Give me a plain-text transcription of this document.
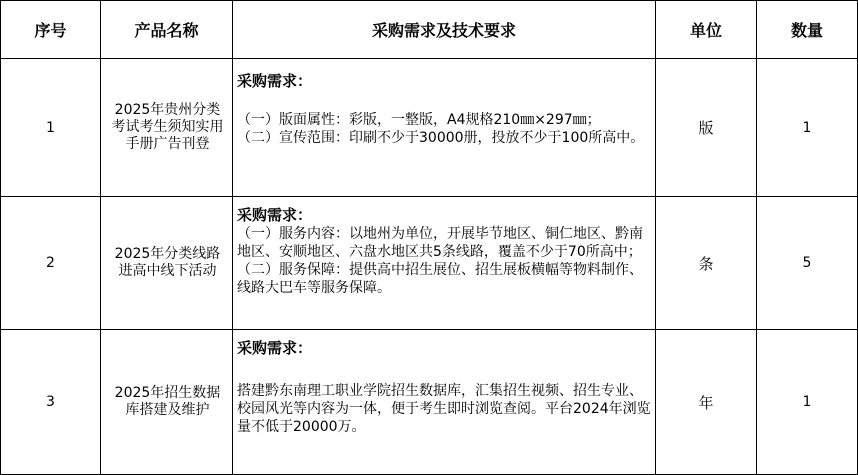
序号	产品名称	采购需求及技术要求	单位	数量
1	2025年贵州分类考试考生须知实用手册广告刊登	采购需求：
（一）版面属性：彩版，一整版，A4规格210㎜×297㎜；
（二）宣传范围：印刷不少于30000册，投放不少于100所高中。	版	1
2	2025年分类线路进高中线下活动	采购需求：
（一）服务内容：以地州为单位，开展毕节地区、铜仁地区、黔南地区、安顺地区、六盘水地区共5条线路，覆盖不少于70所高中；
（二）服务保障：提供高中招生展位、招生展板横幅等物料制作、线路大巴车等服务保障。	条	5
3	2025年招生数据库搭建及维护	采购需求：
搭建黔东南理工职业学院招生数据库，汇集招生视频、招生专业、校园风光等内容为一体，便于考生即时浏览查阅。平台2024年浏览量不低于20000万。	年	1
